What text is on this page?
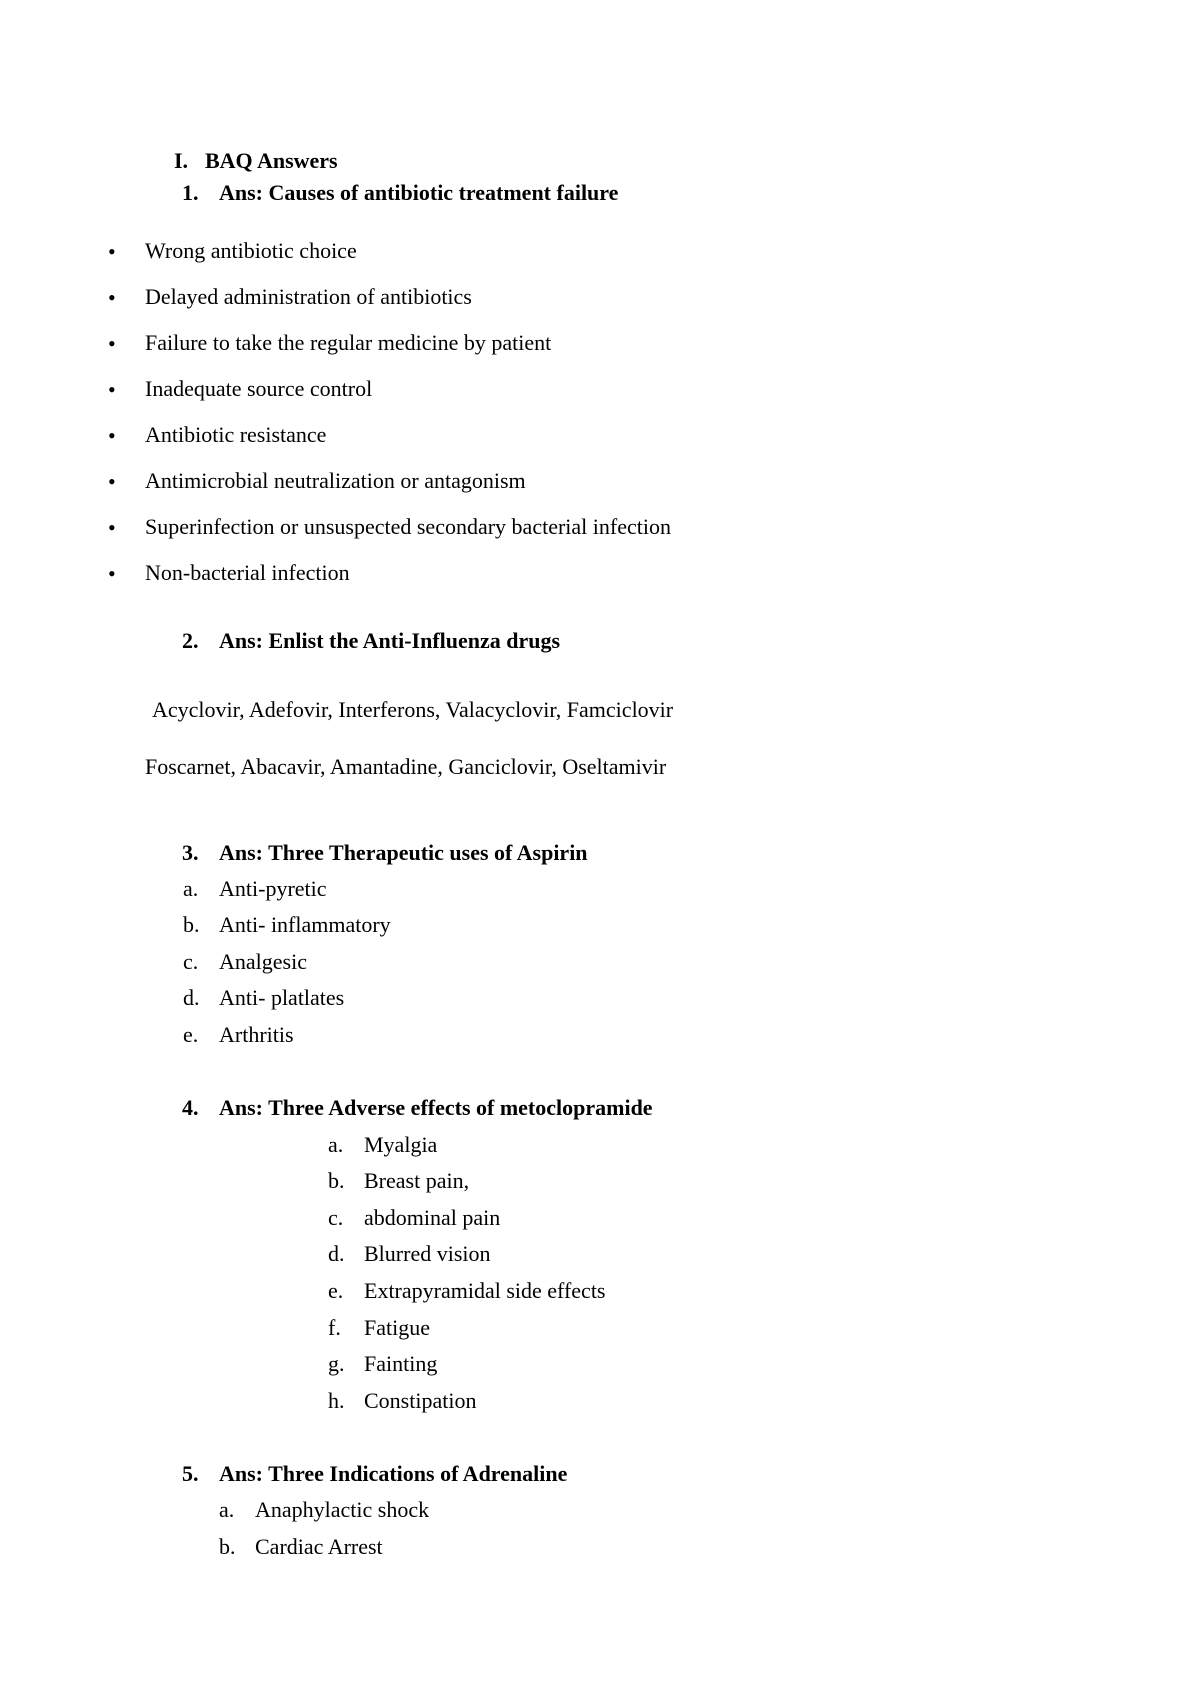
I. BAQ Answers
1. Ans: Causes of antibiotic treatment failure
• Wrong antibiotic choice
• Delayed administration of antibiotics
• Failure to take the regular medicine by patient
• Inadequate source control
• Antibiotic resistance
• Antimicrobial neutralization or antagonism
• Superinfection or unsuspected secondary bacterial infection
• Non-bacterial infection
2. Ans: Enlist the Anti-Influenza drugs
Acyclovir, Adefovir, Interferons, Valacyclovir, Famciclovir
Foscarnet, Abacavir, Amantadine, Ganciclovir, Oseltamivir
3. Ans: Three Therapeutic uses of Aspirin
a. Anti-pyretic
b. Anti- inflammatory
c. Analgesic
d. Anti- platlates
e. Arthritis
4. Ans: Three Adverse effects of metoclopramide
a. Myalgia
b. Breast pain,
c. abdominal pain
d. Blurred vision
e. Extrapyramidal side effects
f. Fatigue
g. Fainting
h. Constipation
5. Ans: Three Indications of Adrenaline
a. Anaphylactic shock
b. Cardiac Arrest
